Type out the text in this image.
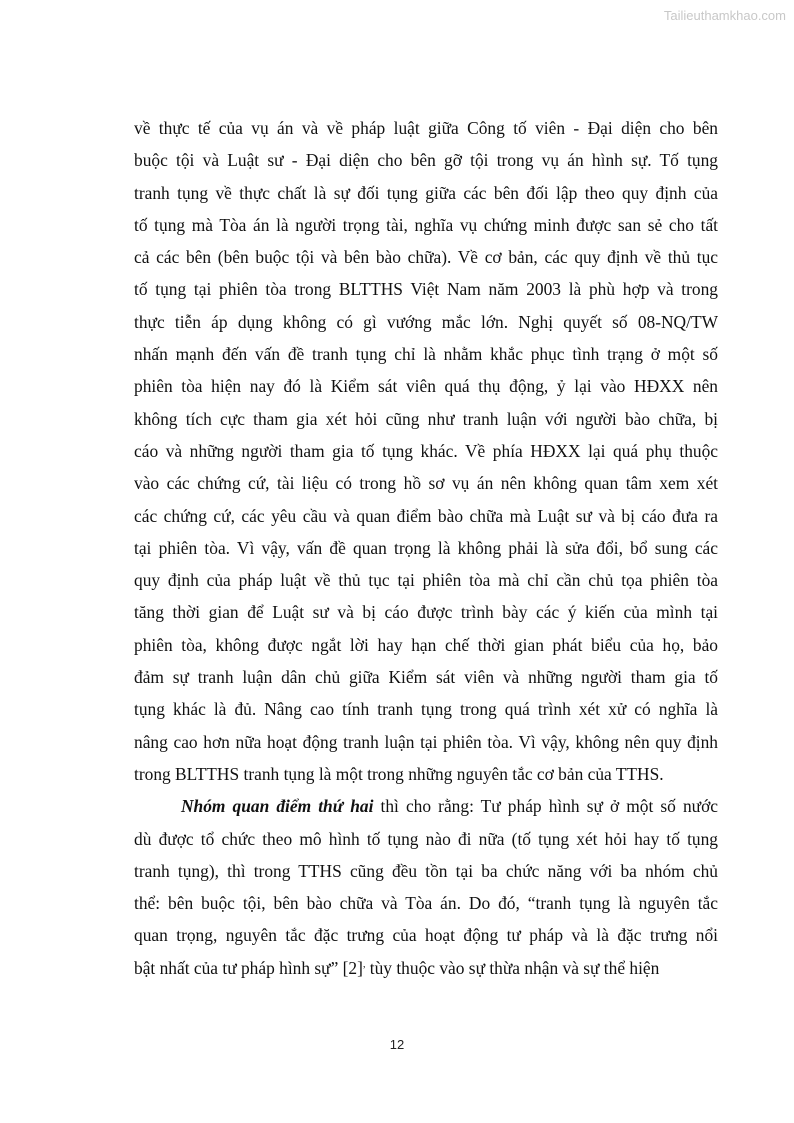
Tailieuthamkhao.com
về thực tế của vụ án và về pháp luật giữa Công tố viên - Đại diện cho bên
buộc tội và Luật sư - Đại diện cho bên gỡ tội trong vụ án hình sự. Tố tụng
tranh tụng về thực chất là sự đối tụng giữa các bên đối lập theo quy định của
tố tụng mà Tòa án là người trọng tài, nghĩa vụ chứng minh được san sẻ cho tất
cả các bên (bên buộc tội và bên bào chữa). Về cơ bản, các quy định về thủ tục
tố tụng tại phiên tòa trong BLTTHS Việt Nam năm 2003 là phù hợp và trong
thực tiễn áp dụng không có gì vướng mắc lớn. Nghị quyết số 08-NQ/TW
nhấn mạnh đến vấn đề tranh tụng chỉ là nhằm khắc phục tình trạng ở một số
phiên tòa hiện nay đó là Kiểm sát viên quá thụ động, ỷ lại vào HĐXX nên
không tích cực tham gia xét hỏi cũng như tranh luận với người bào chữa, bị
cáo và những người tham gia tố tụng khác. Về phía HĐXX lại quá phụ thuộc
vào các chứng cứ, tài liệu có trong hồ sơ vụ án nên không quan tâm xem xét
các chứng cứ, các yêu cầu và quan điểm bào chữa mà Luật sư và bị cáo đưa ra
tại phiên tòa. Vì vậy, vấn đề quan trọng là không phải là sửa đổi, bổ sung các
quy định của pháp luật về thủ tục tại phiên tòa mà chỉ cần chủ tọa phiên tòa
tăng thời gian để Luật sư và bị cáo được trình bày các ý kiến của mình tại
phiên tòa, không được ngắt lời hay hạn chế thời gian phát biểu của họ, bảo
đảm sự tranh luận dân chủ giữa Kiểm sát viên và những người tham gia tố
tụng khác là đủ. Nâng cao tính tranh tụng trong quá trình xét xử có nghĩa là
nâng cao hơn nữa hoạt động tranh luận tại phiên tòa. Vì vậy, không nên quy định
trong BLTTHS tranh tụng là một trong những nguyên tắc cơ bản của TTHS.
Nhóm quan điểm thứ hai thì cho rằng: Tư pháp hình sự ở một số nước
dù được tổ chức theo mô hình tố tụng nào đi nữa (tố tụng xét hỏi hay tố tụng
tranh tụng), thì trong TTHS cũng đều tồn tại ba chức năng với ba nhóm chủ
thể: bên buộc tội, bên bào chữa và Tòa án. Do đó, “tranh tụng là nguyên tắc
quan trọng, nguyên tắc đặc trưng của hoạt động tư pháp và là đặc trưng nổi
bật nhất của tư pháp hình sự” [2], tùy thuộc vào sự thừa nhận và sự thể hiện
12
